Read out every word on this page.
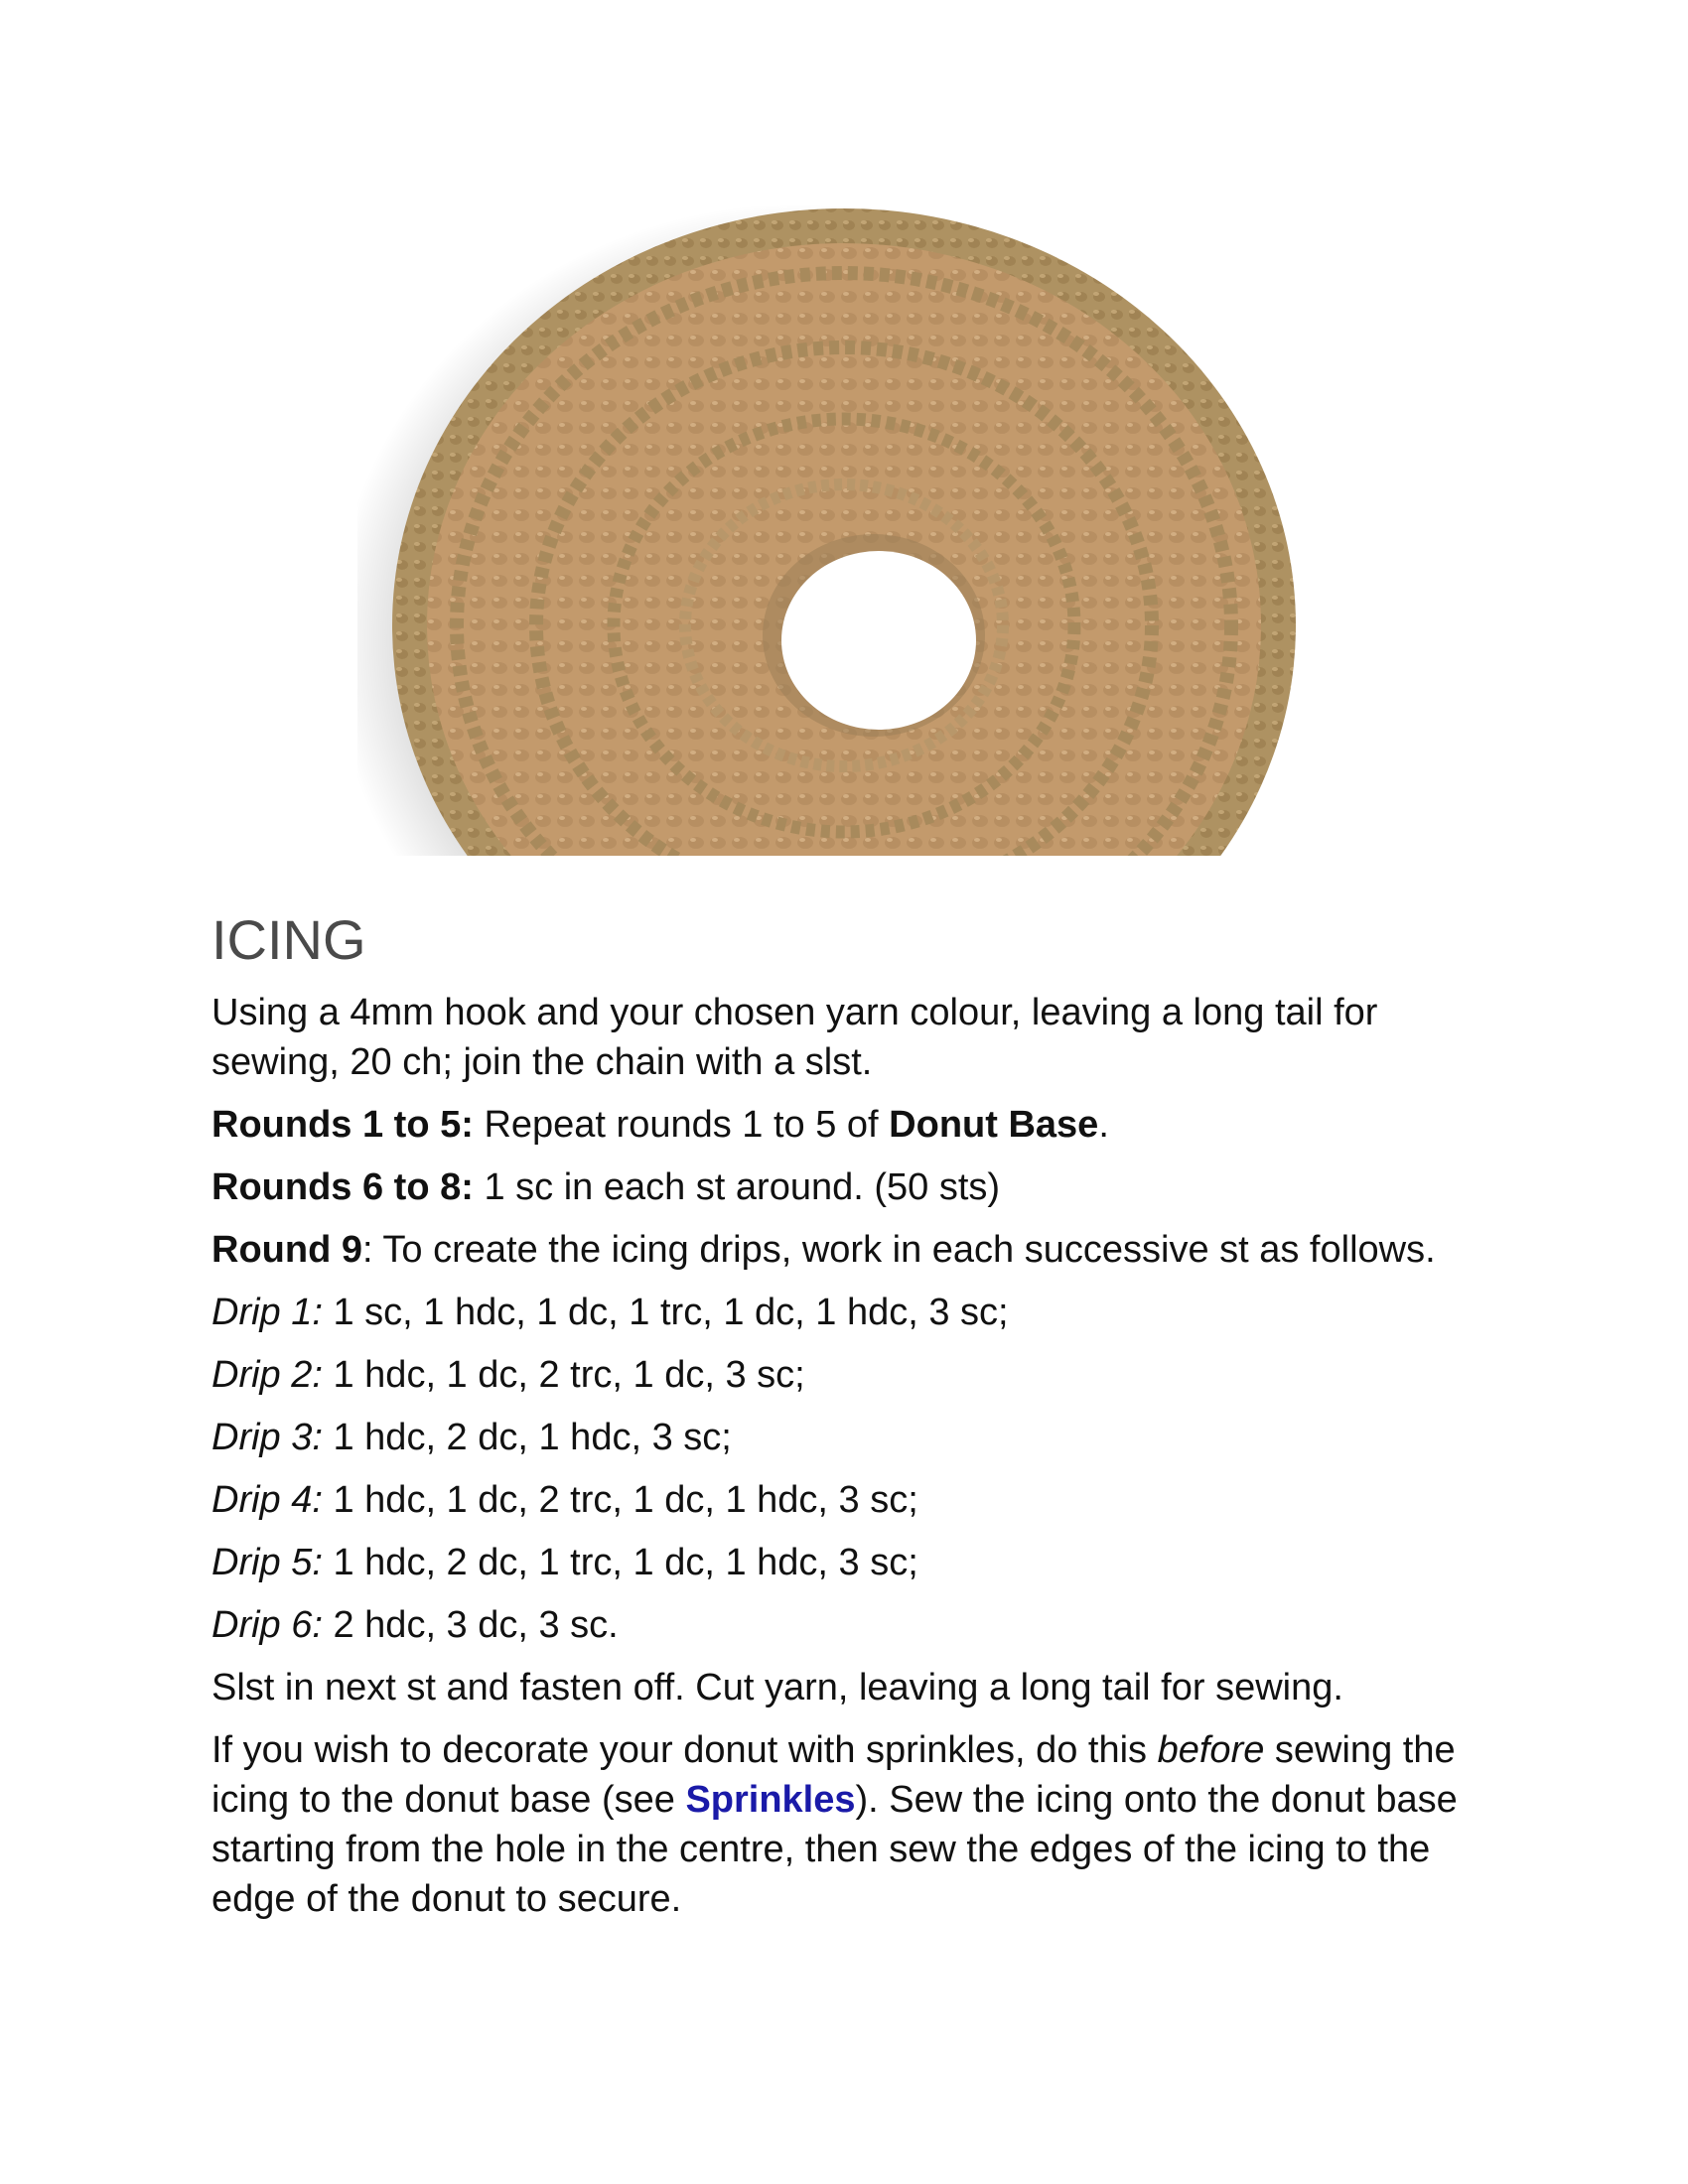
ICING

Using a 4mm hook and your chosen yarn colour, leaving a long tail for sewing, 20 ch; join the chain with a slst.

Rounds 1 to 5: Repeat rounds 1 to 5 of Donut Base.

Rounds 6 to 8: 1 sc in each st around. (50 sts)

Round 9: To create the icing drips, work in each successive st as follows.

Drip 1: 1 sc, 1 hdc, 1 dc, 1 trc, 1 dc, 1 hdc, 3 sc;

Drip 2: 1 hdc, 1 dc, 2 trc, 1 dc, 3 sc;

Drip 3: 1 hdc, 2 dc, 1 hdc, 3 sc;

Drip 4: 1 hdc, 1 dc, 2 trc, 1 dc, 1 hdc, 3 sc;

Drip 5: 1 hdc, 2 dc, 1 trc, 1 dc, 1 hdc, 3 sc;

Drip 6: 2 hdc, 3 dc, 3 sc.

Slst in next st and fasten off. Cut yarn, leaving a long tail for sewing.

If you wish to decorate your donut with sprinkles, do this before sewing the icing to the donut base (see Sprinkles). Sew the icing onto the donut base starting from the hole in the centre, then sew the edges of the icing to the edge of the donut to secure.
